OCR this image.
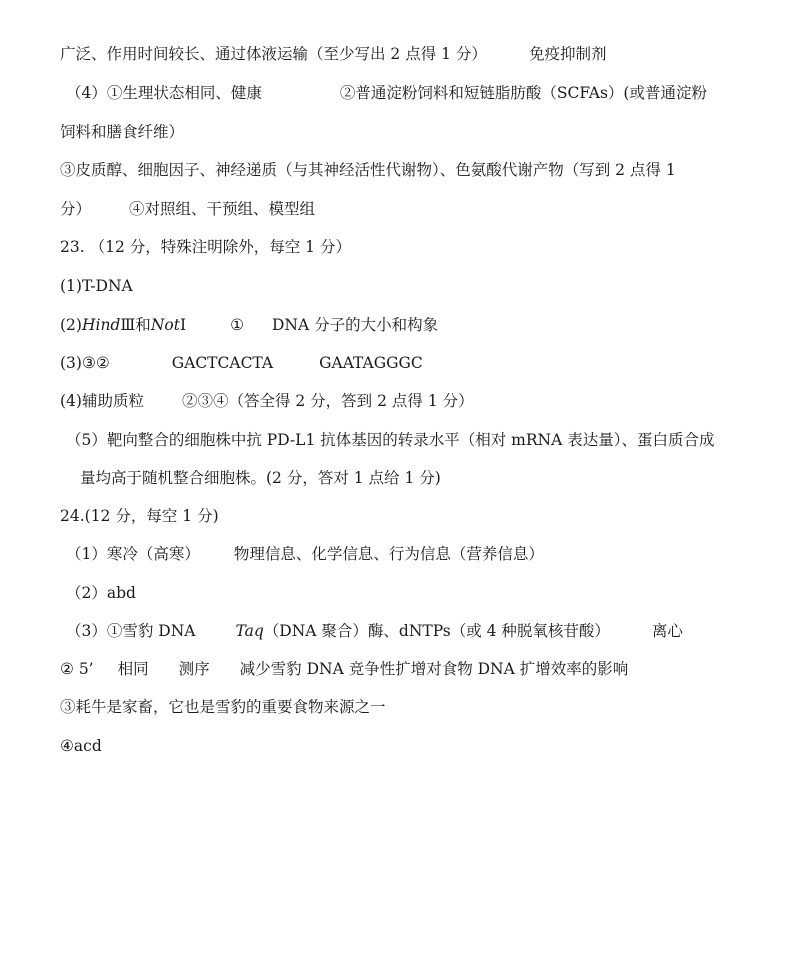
广泛、作用时间较长、通过体液运输（至少写出 2 点得 1 分）	免疫抑制剂
（4）①生理状态相同、健康	②普通淀粉饲料和短链脂肪酸（SCFAs）(或普通淀粉
饲料和膳食纤维）
③皮质醇、细胞因子、神经递质（与其神经活性代谢物）、色氨酸代谢产物（写到 2 点得 1
分） ④对照组、干预组、模型组
23. （12 分，特殊注明除外，每空 1 分）
(1)T-DNA
(2)HindⅢ和NotⅠ	① DNA 分子的大小和构象
(3)③②	GACTCACTA	GAATAGGGC
(4)辅助质粒 ②③④（答全得 2 分，答到 2 点得 1 分）
（5）靶向整合的细胞株中抗 PD-L1 抗体基因的转录水平（相对 mRNA 表达量）、蛋白质合成
量均高于随机整合细胞株。(2 分，答对 1 点给 1 分)
24.(12 分，每空 1 分)
（1）寒冷（高寒） 物理信息、化学信息、行为信息（营养信息）
（2）abd
（3）①雪豹 DNA	Taq（DNA 聚合）酶、dNTPs（或 4 种脱氧核苷酸）	离心
② 5’ 相同 测序 减少雪豹 DNA 竞争性扩增对食物 DNA 扩增效率的影响
③耗牛是家畜，它也是雪豹的重要食物来源之一
④acd
